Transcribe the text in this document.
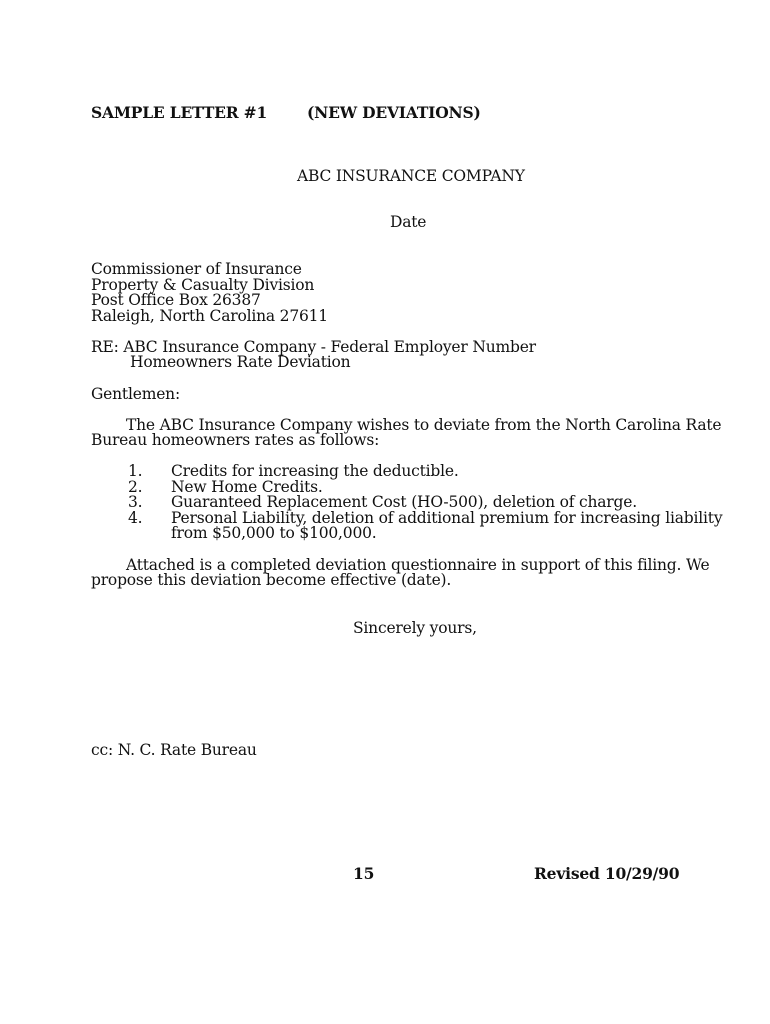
SAMPLE LETTER #1	(NEW DEVIATIONS)
ABC INSURANCE COMPANY
Date
Commissioner of Insurance
Property & Casualty Division
Post Office Box 26387
Raleigh, North Carolina 27611
RE: ABC Insurance Company - Federal Employer Number
Homeowners Rate Deviation
Gentlemen:
The ABC Insurance Company wishes to deviate from the North Carolina Rate
Bureau homeowners rates as follows:
1. Credits for increasing the deductible.
2. New Home Credits.
3. Guaranteed Replacement Cost (HO-500), deletion of charge.
4. Personal Liability, deletion of additional premium for increasing liability
from $50,000 to $100,000.
Attached is a completed deviation questionnaire in support of this filing. We
propose this deviation become effective (date).
Sincerely yours,
cc: N. C. Rate Bureau
15	Revised 10/29/90
